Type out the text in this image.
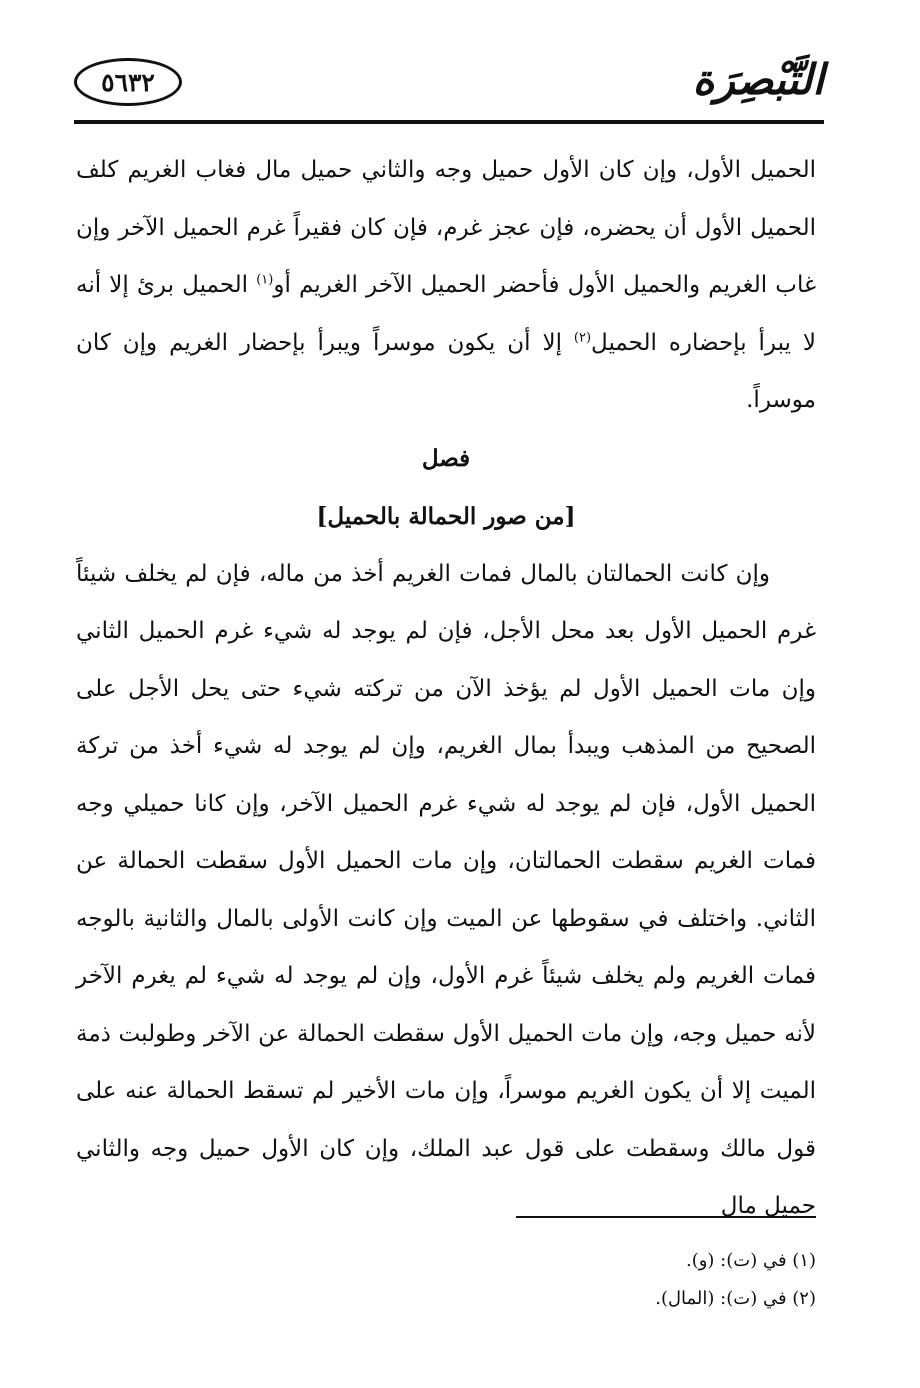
التَّبْصِرَة
٥٦٣٢

الحميل الأول، وإن كان الأول حميل وجه والثاني حميل مال فغاب الغريم كلف الحميل الأول أن يحضره، فإن عجز غرم، فإن كان فقيراً غرم الحميل الآخر وإن غاب الغريم والحميل الأول فأحضر الحميل الآخر الغريم أو$^{(١)}$ الحميل برئ إلا أنه لا يبرأ بإحضاره الحميل$^{(٢)}$ إلا أن يكون موسراً ويبرأ بإحضار الغريم وإن كان موسراً.

فصل

[من صور الحمالة بالحميل]

وإن كانت الحمالتان بالمال فمات الغريم أخذ من ماله، فإن لم يخلف شيئاً غرم الحميل الأول بعد محل الأجل، فإن لم يوجد له شيء غرم الحميل الثاني وإن مات الحميل الأول لم يؤخذ الآن من تركته شيء حتى يحل الأجل على الصحيح من المذهب ويبدأ بمال الغريم، وإن لم يوجد له شيء أخذ من تركة الحميل الأول، فإن لم يوجد له شيء غرم الحميل الآخر، وإن كانا حميلي وجه فمات الغريم سقطت الحمالتان، وإن مات الحميل الأول سقطت الحمالة عن الثاني. واختلف في سقوطها عن الميت وإن كانت الأولى بالمال والثانية بالوجه فمات الغريم ولم يخلف شيئاً غرم الأول، وإن لم يوجد له شيء لم يغرم الآخر لأنه حميل وجه، وإن مات الحميل الأول سقطت الحمالة عن الآخر وطولبت ذمة الميت إلا أن يكون الغريم موسراً، وإن مات الأخير لم تسقط الحمالة عنه على قول مالك وسقطت على قول عبد الملك، وإن كان الأول حميل وجه والثاني حميل مال

(١) في (ت): (و).

(٢) في (ت): (المال).
